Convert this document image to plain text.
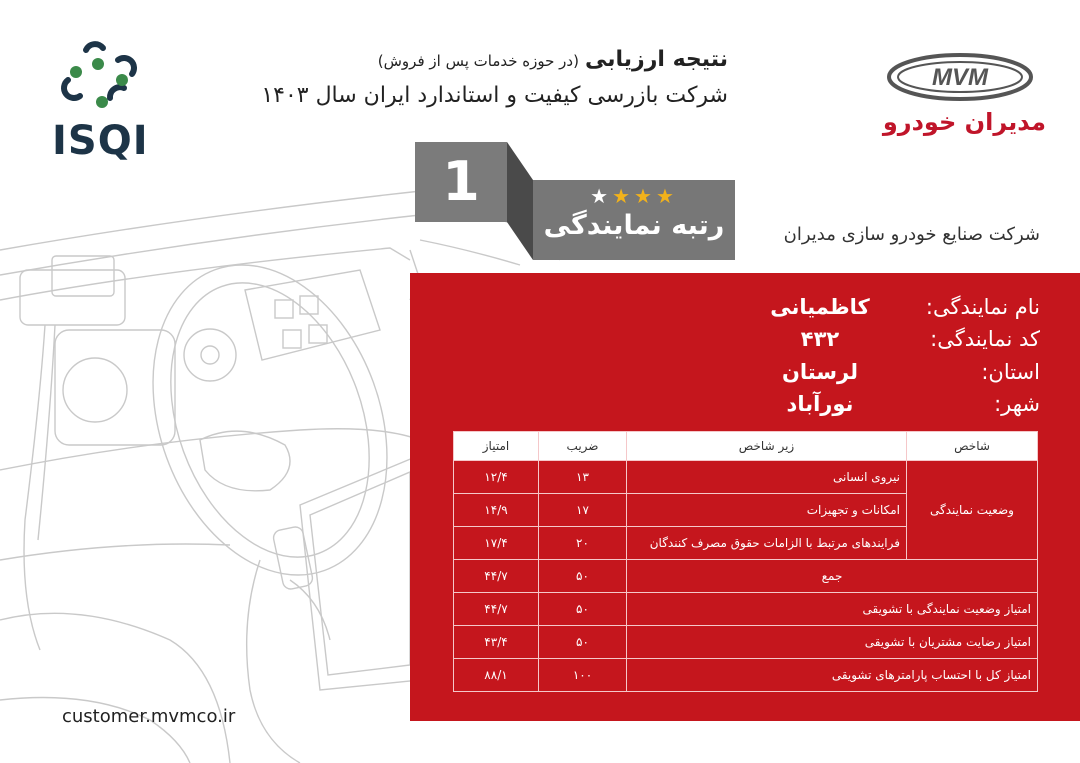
ISQI
نتیجه ارزیابی (در حوزه خدمات پس از فروش)
شرکت بازرسی کیفیت و استاندارد ایران سال ۱۴۰۳
MVM
مدیران خودرو
1	★★★★
رتبه نمایندگی	شرکت صنایع خودرو سازی مدیران
نام نمایندگی:
کاظمیانی
کد نمایندگی:
۴۳۲
استان:
لرستان
شهر:
نورآباد
شاخص	زیر شاخص	ضریب	امتیاز
وضعیت نمایندگی	نیروی انسانی	۱۳	۱۲/۴
	امکانات و تجهیزات	۱۷	۱۴/۹
	فرایندهای مرتبط با الزامات حقوق مصرف کنندگان	۲۰	۱۷/۴
جمع		۵۰	۴۴/۷
امتیاز وضعیت نمایندگی با تشویقی		۵۰	۴۴/۷
امتیاز رضایت مشتریان با تشویقی		۵۰	۴۳/۴
امتیاز کل با احتساب پارامترهای تشویقی		۱۰۰	۸۸/۱
customer.mvmco.ir
